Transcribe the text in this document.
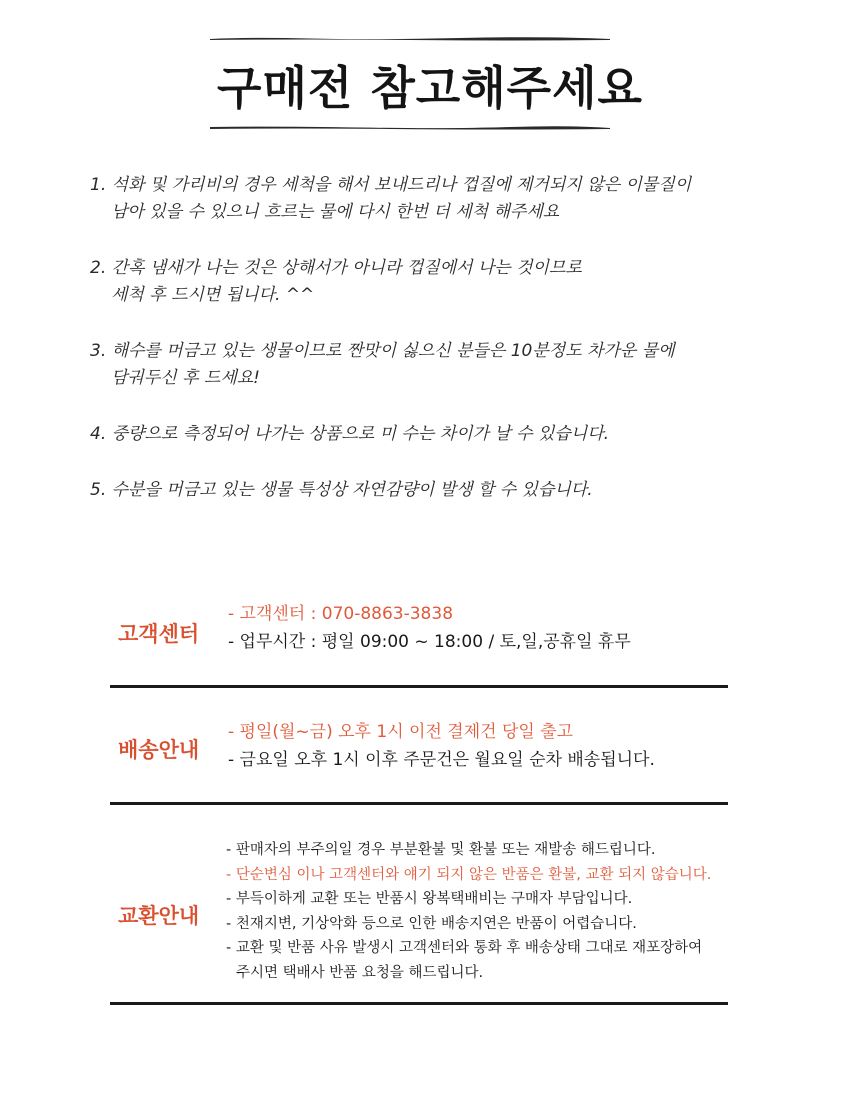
구매전 참고해주세요
1. 석화 및 가리비의 경우 세척을 해서 보내드리나 껍질에 제거되지 않은 이물질이
남아 있을 수 있으니 흐르는 물에 다시 한번 더 세척 해주세요
2. 간혹 냄새가 나는 것은 상해서가 아니라 껍질에서 나는 것이므로
세척 후 드시면 됩니다. ^^
3. 해수를 머금고 있는 생물이므로 짠맛이 싫으신 분들은 10분정도 차가운 물에
담궈두신 후 드세요!
4. 중량으로 측정되어 나가는 상품으로 미 수는 차이가 날 수 있습니다.
5. 수분을 머금고 있는 생물 특성상 자연감량이 발생 할 수 있습니다.
고객센터
- 고객센터 : 070-8863-3838
- 업무시간 : 평일 09:00 ~ 18:00 / 토,일,공휴일 휴무
배송안내
- 평일(월~금) 오후 1시 이전 결제건 당일 출고
- 금요일 오후 1시 이후 주문건은 월요일 순차 배송됩니다.
교환안내
- 판매자의 부주의일 경우 부분환불 및 환불 또는 재발송 해드립니다.
- 단순변심 이나 고객센터와 얘기 되지 않은 반품은 환불, 교환 되지 않습니다.
- 부득이하게 교환 또는 반품시 왕복택배비는 구매자 부담입니다.
- 천재지변, 기상악화 등으로 인한 배송지연은 반품이 어렵습니다.
- 교환 및 반품 사유 발생시 고객센터와 통화 후 배송상태 그대로 재포장하여
주시면 택배사 반품 요청을 해드립니다.
